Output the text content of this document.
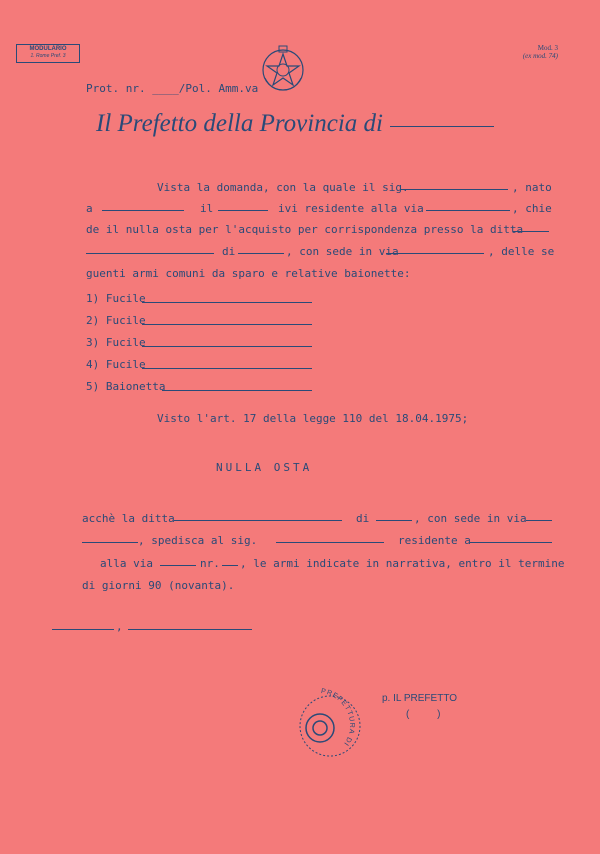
MODULARIO
1. Rome Pref. 3
Mod. 3
(ex mod. 74)
Prot. nr. ____/Pol. Amm.va
Il Prefetto della Provincia di
Vista la domanda, con la quale il sig.	, nato
a	il	ivi residente alla via	, chie
de il nulla osta per l'acquisto per corrispondenza presso la ditta
di	, con sede in via	, delle se
guenti armi comuni da sparo e relative baionette:
1) Fucile
2) Fucile
3) Fucile
4) Fucile
5) Baionetta
Visto l'art. 17 della legge 110 del 18.04.1975;
NULLA OSTA
acchè la ditta	di	, con sede in via
, spedisca al sig.	residente a
alla via	nr. , le armi indicate in narrativa, entro il termine
di giorni 90 (novanta).
,
p. IL PREFETTO
(          )
PREFETTURA DI
